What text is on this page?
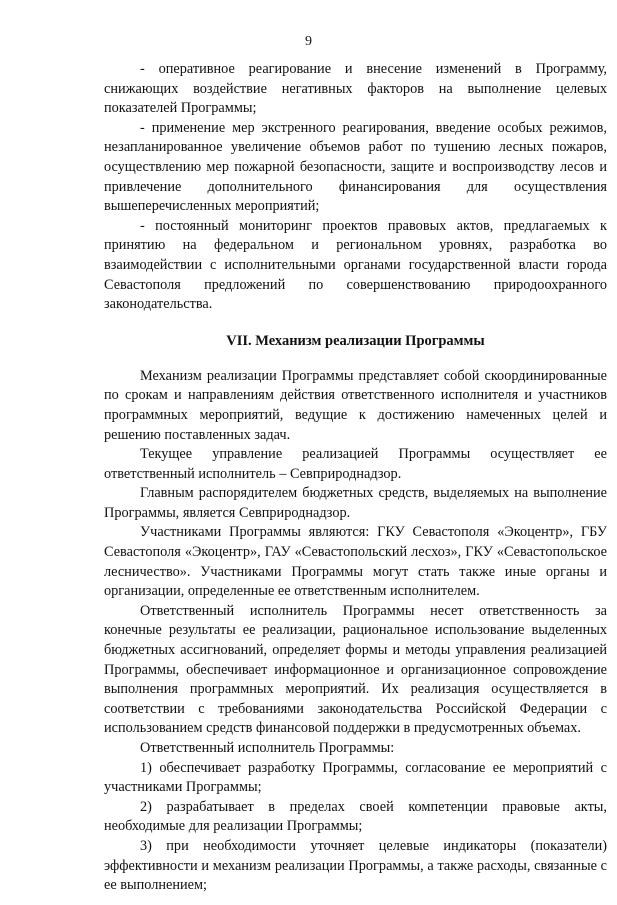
9

- оперативное реагирование и внесение изменений в Программу, снижающих воздействие негативных факторов на выполнение целевых показателей Программы;

- применение мер экстренного реагирования, введение особых режимов, незапланированное увеличение объемов работ по тушению лесных пожаров, осуществлению мер пожарной безопасности, защите и воспроизводству лесов и привлечение дополнительного финансирования для осуществления вышеперечисленных мероприятий;

- постоянный мониторинг проектов правовых актов, предлагаемых к принятию на федеральном и региональном уровнях, разработка во взаимодействии с исполнительными органами государственной власти города Севастополя предложений по совершенствованию природоохранного законодательства.

VII. Механизм реализации Программы

Механизм реализации Программы представляет собой скоординированные по срокам и направлениям действия ответственного исполнителя и участников программных мероприятий, ведущие к достижению намеченных целей и решению поставленных задач.

Текущее управление реализацией Программы осуществляет ее ответственный исполнитель – Севприроднадзор.

Главным распорядителем бюджетных средств, выделяемых на выполнение Программы, является Севприроднадзор.

Участниками Программы являются: ГКУ Севастополя «Экоцентр», ГБУ Севастополя «Экоцентр», ГАУ «Севастопольский лесхоз», ГКУ «Севастопольское лесничество». Участниками Программы могут стать также иные органы и организации, определенные ее ответственным исполнителем.

Ответственный исполнитель Программы несет ответственность за конечные результаты ее реализации, рациональное использование выделенных бюджетных ассигнований, определяет формы и методы управления реализацией Программы, обеспечивает информационное и организационное сопровождение выполнения программных мероприятий. Их реализация осуществляется в соответствии с требованиями законодательства Российской Федерации с использованием средств финансовой поддержки в предусмотренных объемах.

Ответственный исполнитель Программы:

1) обеспечивает разработку Программы, согласование ее мероприятий с участниками Программы;

2) разрабатывает в пределах своей компетенции правовые акты, необходимые для реализации Программы;

3) при необходимости уточняет целевые индикаторы (показатели) эффективности и механизм реализации Программы, а также расходы, связанные с ее выполнением;
